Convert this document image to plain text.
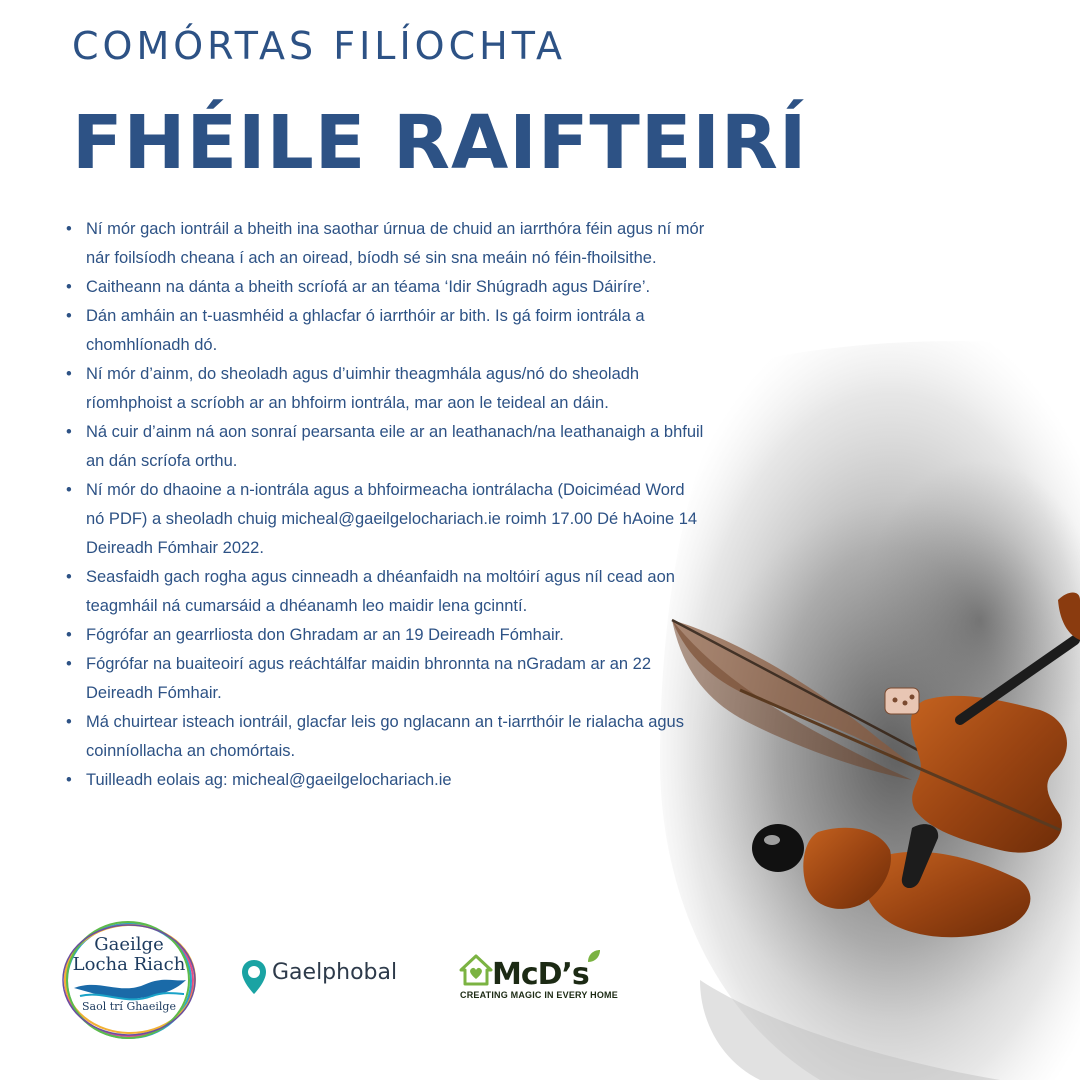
COMÓRTAS FILÍOCHTA
FHÉILE RAIFTEIRÍ
• Ní mór gach iontráil a bheith ina saothar úrnua de chuid an iarrthóra féin agus ní mór nár foilsíodh cheana í ach an oiread, bíodh sé sin sna meáin nó féin-fhoilsithe.
• Caitheann na dánta a bheith scríofá ar an téama ‘Idir Shúgradh agus Dáiríre’.
• Dán amháin an t-uasmhéid a ghlacfar ó iarrthóir ar bith. Is gá foirm iontrála a chomhlíonadh dó.
• Ní mór d’ainm, do sheoladh agus d’uimhir theagmhála agus/nó do sheoladh ríomhphoist a scríobh ar an bhfoirm iontrála, mar aon le teideal an dáin.
• Ná cuir d’ainm ná aon sonraí pearsanta eile ar an leathanach/na leathanaigh a bhfuil an dán scríofa orthu.
• Ní mór do dhaoine a n-iontrála agus a bhfoirmeacha iontrálacha (Doiciméad Word nó PDF) a sheoladh chuig micheal@gaeilgelochariach.ie roimh 17.00 Dé hAoine 14 Deireadh Fómhair 2022.
• Seasfaidh gach rogha agus cinneadh a dhéanfaidh na moltóirí agus níl cead aon teagmháil ná cumarsáid a dhéanamh leo maidir lena gcinntí.
• Fógrófar an gearrliosta don Ghradam ar an 19 Deireadh Fómhair.
• Fógrófar na buaiteoirí agus reáchtálfar maidin bhronnta na nGradam ar an 22 Deireadh Fómhair.
• Má chuirtear isteach iontráil, glacfar leis go nglacann an t-iarrthóir le rialacha agus coinníollacha an chomórtais.
• Tuilleadh eolais ag: micheal@gaeilgelochariach.ie
Gaeilge
Locha Riach
Saol trí Ghaeilge
Gaelphobal	McD’s
CREATING MAGIC IN EVERY HOME
